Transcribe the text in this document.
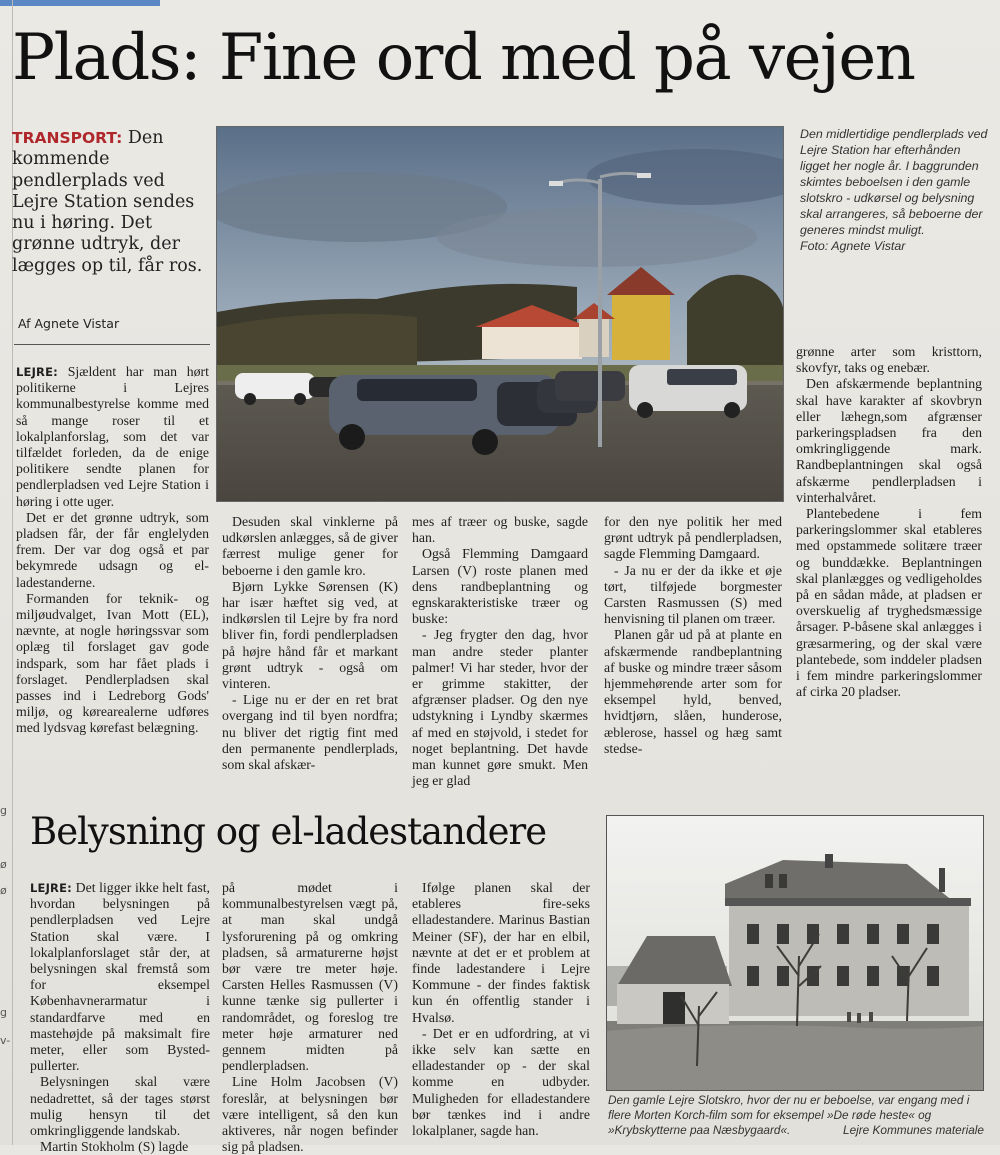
g
g
ø
ø
v-
Plads: Fine ord med på vejen
TRANSPORT: Den kommende pendlerplads ved Lejre Station sendes nu i høring. Det grønne udtryk, der lægges op til, får ros.
Af Agnete Vistar

LEJRE: Sjældent har man hørt politikerne i Lejres kommunalbestyrelse komme med så mange roser til et lokalplanforslag, som det var tilfældet forleden, da de enige politikere sendte planen for pendlerpladsen ved Lejre Station i høring i otte uger.

Det er det grønne udtryk, som pladsen får, der får englelyden frem. Der var dog også et par bekymrede udsagn og el-ladestanderne.

Formanden for teknik- og miljøudvalget, Ivan Mott (EL), nævnte, at nogle høringssvar som oplæg til forslaget gav gode indspark, som har fået plads i forslaget. Pendlerpladsen skal passes ind i Ledreborg Gods' miljø, og kørearealerne udføres med lydsvag kørefast belægning.

Den midlertidige pendlerplads ved Lejre Station har efterhånden ligget her nogle år. I baggrunden skimtes beboelsen i den gamle slotskro - udkørsel og belysning skal arrangeres, så beboerne der generes mindst muligt.
Foto: Agnete Vistar

Desuden skal vinklerne på udkørslen anlægges, så de giver færrest mulige gener for beboerne i den gamle kro.

Bjørn Lykke Sørensen (K) har især hæftet sig ved, at indkørslen til Lejre by fra nord bliver fin, fordi pendlerpladsen på højre hånd får et markant grønt udtryk - også om vinteren.

- Lige nu er der en ret brat overgang ind til byen nordfra; nu bliver det rigtig fint med den permanente pendlerplads, som skal afskær-

mes af træer og buske, sagde han.

Også Flemming Damgaard Larsen (V) roste planen med dens randbeplantning og egnskarakteristiske træer og buske:

- Jeg frygter den dag, hvor man andre steder planter palmer! Vi har steder, hvor der er grimme stakitter, der afgrænser pladser. Og den nye udstykning i Lyndby skærmes af med en støjvold, i stedet for noget beplantning. Det havde man kunnet gøre smukt. Men jeg er glad

for den nye politik her med grønt udtryk på pendlerpladsen, sagde Flemming Damgaard.

- Ja nu er der da ikke et øje tørt, tilføjede borgmester Carsten Rasmussen (S) med henvisning til planen om træer.

Planen går ud på at plante en afskærmende randbeplantning af buske og mindre træer såsom hjemmehørende arter som for eksempel hyld, benved, hvidtjørn, slåen, hunderose, æblerose, hassel og hæg samt stedse-

grønne arter som kristtorn, skovfyr, taks og enebær.

Den afskærmende beplantning skal have karakter af skovbryn eller læhegn,som afgrænser parkeringspladsen fra den omkringliggende mark. Randbeplantningen skal også afskærme pendlerpladsen i vinterhalvåret.

Plantebedene i fem parkeringslommer skal etableres med opstammede solitære træer og bunddække. Beplantningen skal planlægges og vedligeholdes på en sådan måde, at pladsen er overskuelig af tryghedsmæssige årsager. P-båsene skal anlægges i græsarmering, og der skal være plantebede, som inddeler pladsen i fem mindre parkeringslommer af cirka 20 pladser.

Belysning og el-ladestandere

LEJRE: Det ligger ikke helt fast, hvordan belysningen på pendlerpladsen ved Lejre Station skal være. I lokalplanforslaget står der, at belysningen skal fremstå som for eksempel Københavnerarmatur i standardfarve med en mastehøjde på maksimalt fire meter, eller som Bysted-pullerter.

Belysningen skal være nedadrettet, så der tages størst mulig hensyn til det omkringliggende landskab.

Martin Stokholm (S) lagde

på mødet i kommunalbestyrelsen vægt på, at man skal undgå lysforurening på og omkring pladsen, så armaturerne højst bør være tre meter høje. Carsten Helles Rasmussen (V) kunne tænke sig pullerter i randområdet, og foreslog tre meter høje armaturer ned gennem midten på pendlerpladsen.

Line Holm Jacobsen (V) foreslår, at belysningen bør være intelligent, så den kun aktiveres, når nogen befinder sig på pladsen.

Ifølge planen skal der etableres fire-seks elladestandere. Marinus Bastian Meiner (SF), der har en elbil, nævnte at det er et problem at finde ladestandere i Lejre Kommune - der findes faktisk kun én offentlig stander i Hvalsø.

- Det er en udfordring, at vi ikke selv kan sætte en elladestander op - der skal komme en udbyder. Muligheden for elladestandere bør tænkes ind i andre lokalplaner, sagde han.

Den gamle Lejre Slotskro, hvor der nu er beboelse, var engang med i flere Morten Korch-film som for eksempel »De røde heste« og »Krybskytterne paa Næsbygaard«.	Lejre Kommunes materiale
